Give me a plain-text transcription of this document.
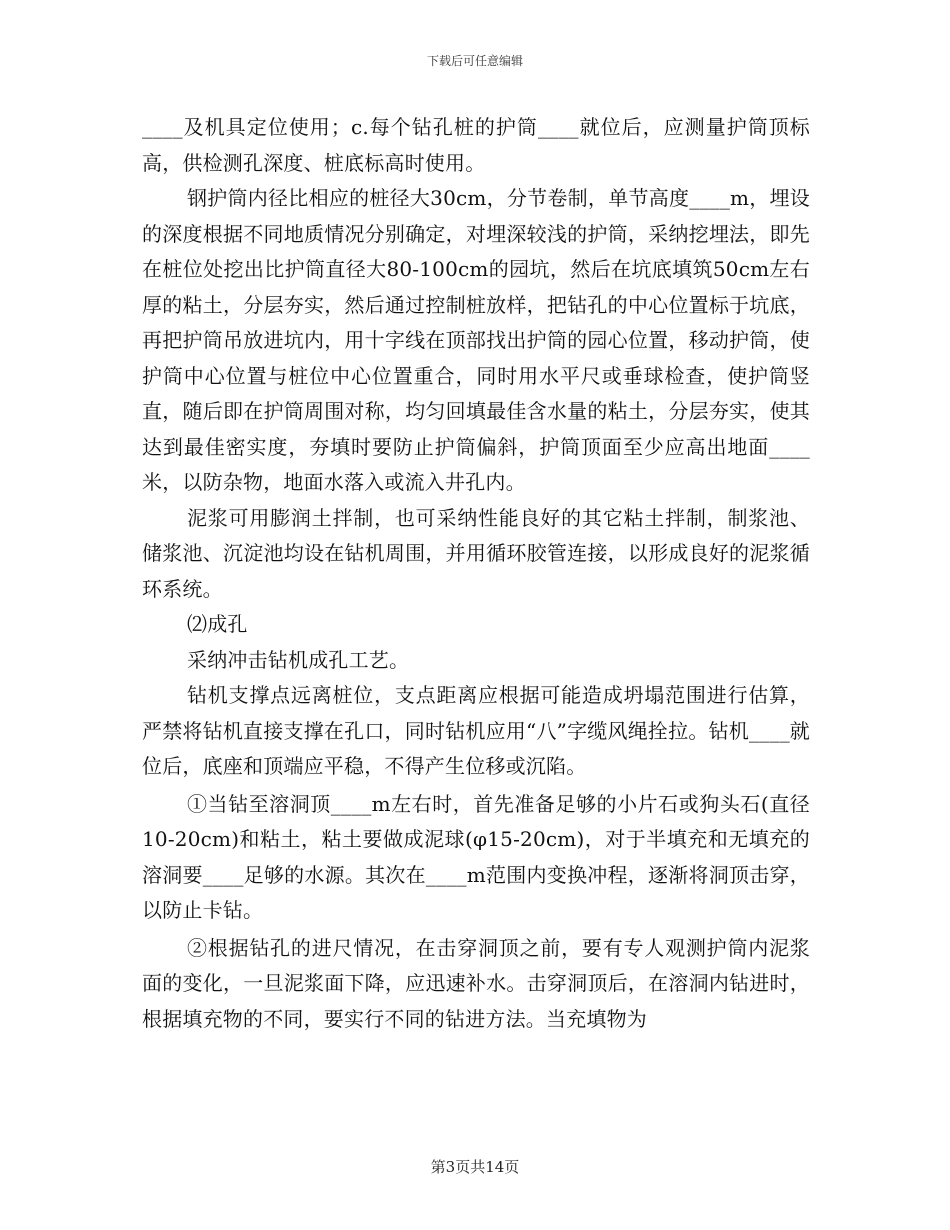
下载后可任意编辑

____及机具定位使用；c.每个钻孔桩的护筒____就位后，应测量护筒顶标高，供检测孔深度、桩底标高时使用。

钢护筒内径比相应的桩径大30cm，分节卷制，单节高度____m，埋设的深度根据不同地质情况分别确定，对埋深较浅的护筒，采纳挖埋法，即先在桩位处挖出比护筒直径大80-100cm的园坑，然后在坑底填筑50cm左右厚的粘土，分层夯实，然后通过控制桩放样，把钻孔的中心位置标于坑底，再把护筒吊放进坑内，用十字线在顶部找出护筒的园心位置，移动护筒，使护筒中心位置与桩位中心位置重合，同时用水平尺或垂球检查，使护筒竖直，随后即在护筒周围对称，均匀回填最佳含水量的粘土，分层夯实，使其达到最佳密实度，夯填时要防止护筒偏斜，护筒顶面至少应高出地面____米，以防杂物，地面水落入或流入井孔内。

泥浆可用膨润土拌制，也可采纳性能良好的其它粘土拌制，制浆池、储浆池、沉淀池均设在钻机周围，并用循环胶管连接，以形成良好的泥浆循环系统。

⑵成孔

采纳冲击钻机成孔工艺。

钻机支撑点远离桩位，支点距离应根据可能造成坍塌范围进行估算，严禁将钻机直接支撑在孔口，同时钻机应用“八”字缆风绳拴拉。钻机____就位后，底座和顶端应平稳，不得产生位移或沉陷。

①当钻至溶洞顶____m左右时，首先准备足够的小片石或狗头石(直径10-20cm)和粘土，粘土要做成泥球(φ15-20cm)，对于半填充和无填充的溶洞要____足够的水源。其次在____m范围内变换冲程，逐渐将洞顶击穿，以防止卡钻。

②根据钻孔的进尺情况，在击穿洞顶之前，要有专人观测护筒内泥浆面的变化，一旦泥浆面下降，应迅速补水。击穿洞顶后，在溶洞内钻进时，根据填充物的不同，要实行不同的钻进方法。当充填物为

第3页共14页
